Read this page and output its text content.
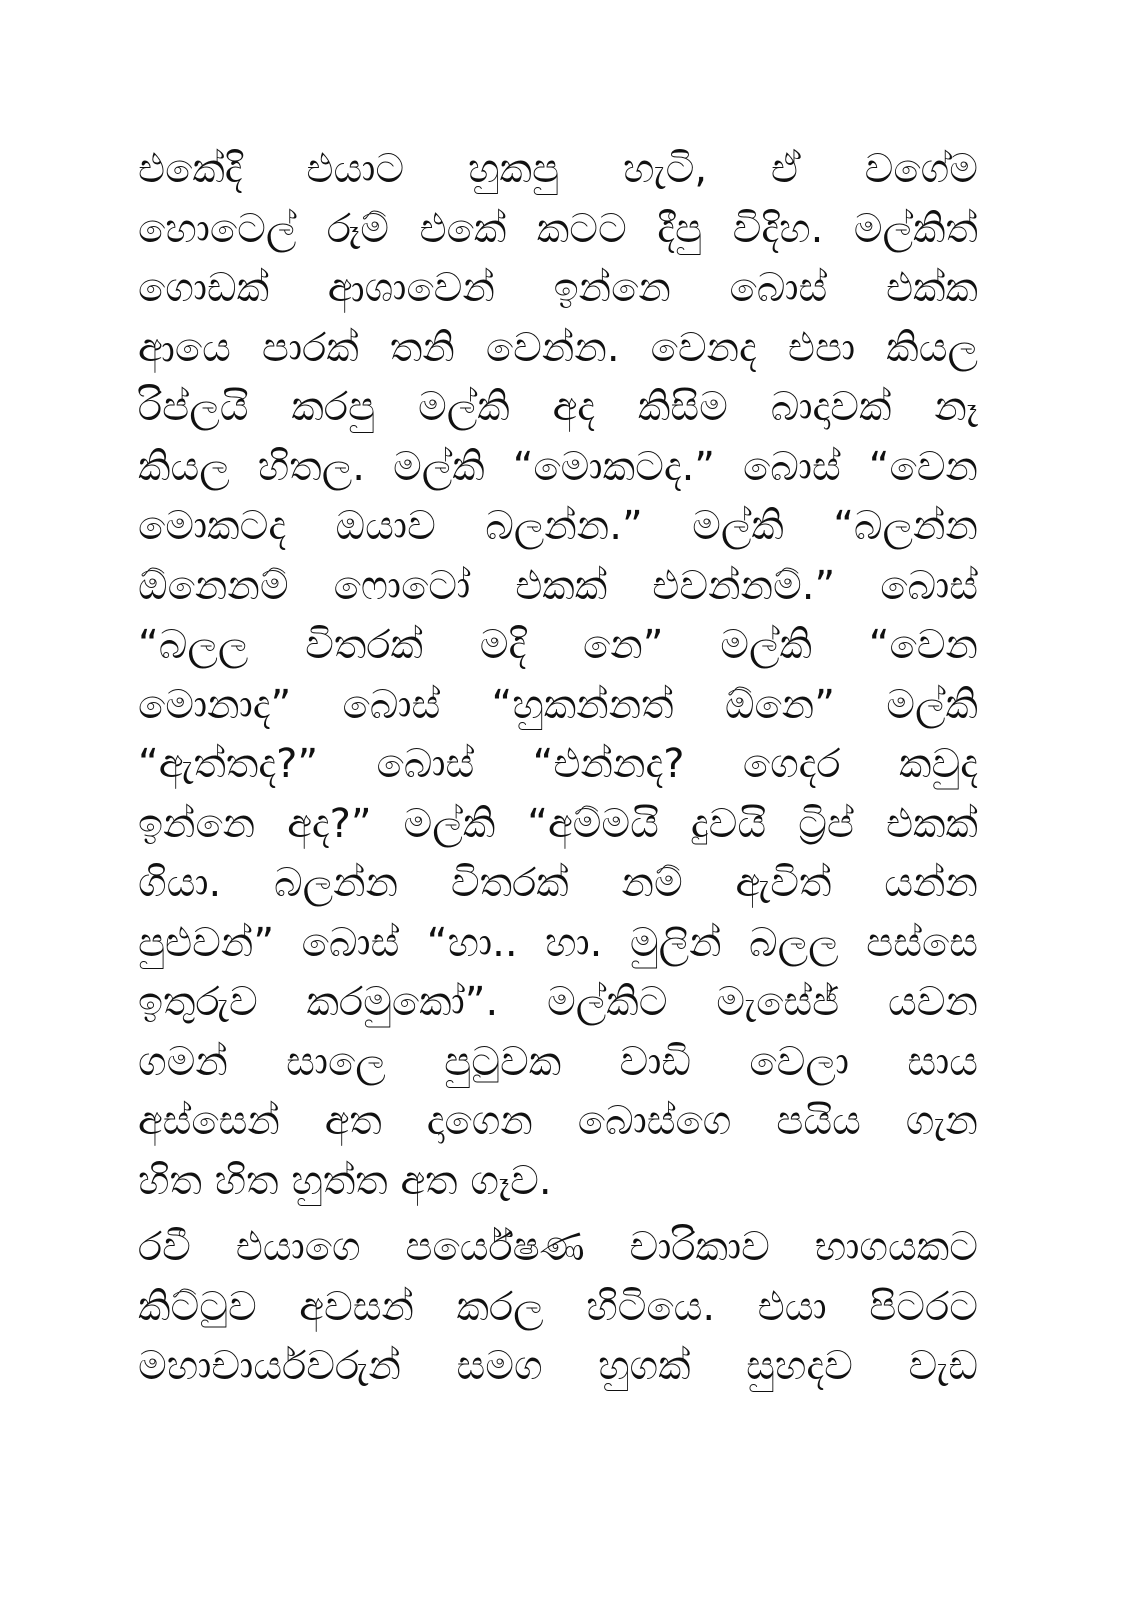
එකේදි එයාට හුකපු හැටි, ඒ වගේම
හොටෙල් රූම් එකේ කටට දීපු විදිහ. මල්කිත්
ගොඩක් ආශාවෙන් ඉන්නෙ බොස් එක්ක
ආයෙ පාරක් තනි වෙන්න. වෙනද එපා කියල
රිප්ලයි කරපු මල්කි අද කිසිම බාදාවක් නෑ
කියල හිතල. මල්කි “මොකටද.” බොස් “වෙන
මොකටද ඔයාව බලන්න.” මල්කි “බලන්න
ඕනෙනම් ෆොටෝ එකක් එවන්නම්.” බොස්
“බලල විතරක් මදි නෙ” මල්කි “වෙන
මොනාද” බොස් “හුකන්නත් ඕනෙ” මල්කි
“ඇත්තද?” බොස් “එන්නද? ගෙදර කවුද
ඉන්නෙ අද?” මල්කි “අම්මයි දුවයි ට්‍රිප් එකක්
ගියා. බලන්න විතරක් නම් ඇවිත් යන්න
පුළුවන්” බොස් “හා.. හා. මුලින් බලල පස්සෙ
ඉතුරුව කරමුකෝ”. මල්කිට මැසේජ් යවන
ගමන් සාලෙ පුටුවක වාඩි වෙලා සාය
අස්සෙන් අත දාගෙන බොස්ගෙ පයිය ගැන
හිත හිත හුත්ත අත ගෑව.
රවී එයාගෙ පර්යේෂණ චාරිකාව භාගයකට
කිට්ටුව අවසන් කරල හිටියෙ. එයා පිටරට
මහාචාර්යවරුන් සමග හුගක් සුහදව වැඩ
